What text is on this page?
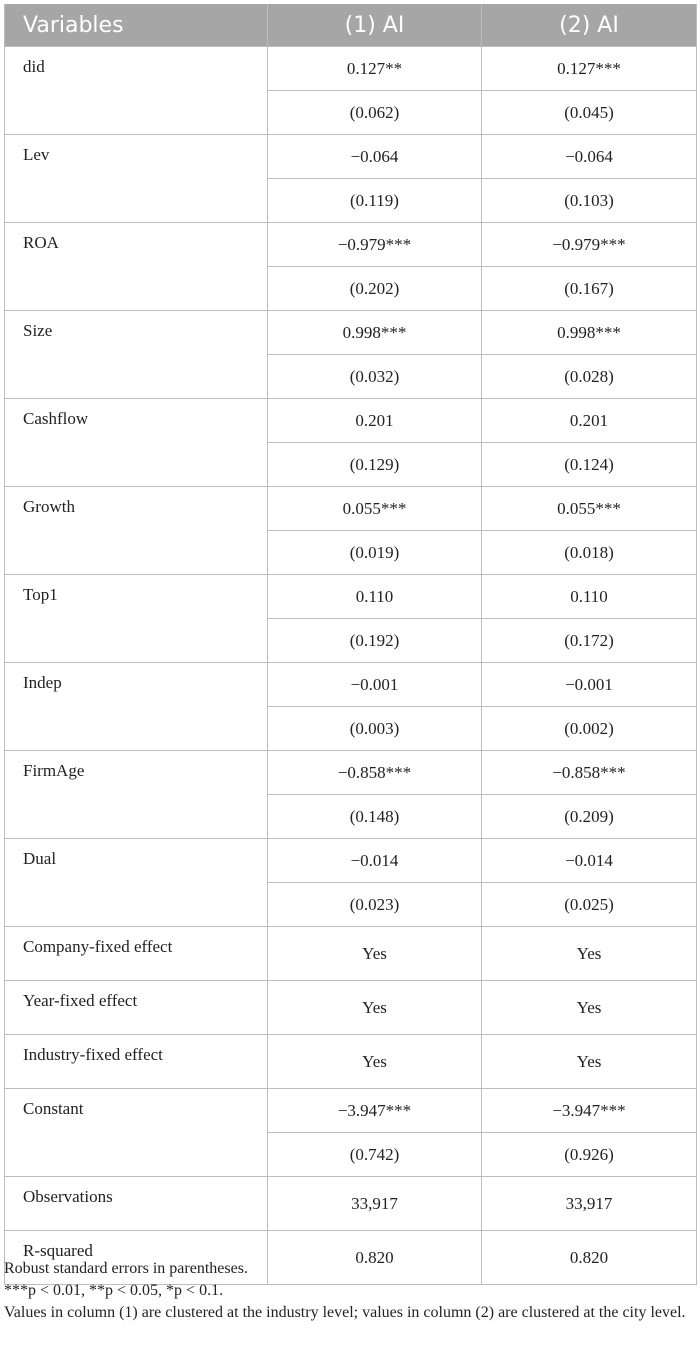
Variables	(1) AI	(2) AI
did	0.127**	0.127***
	(0.062)	(0.045)
Lev	−0.064	−0.064
	(0.119)	(0.103)
ROA	−0.979***	−0.979***
	(0.202)	(0.167)
Size	0.998***	0.998***
	(0.032)	(0.028)
Cashflow	0.201	0.201
	(0.129)	(0.124)
Growth	0.055***	0.055***
	(0.019)	(0.018)
Top1	0.110	0.110
	(0.192)	(0.172)
Indep	−0.001	−0.001
	(0.003)	(0.002)
FirmAge	−0.858***	−0.858***
	(0.148)	(0.209)
Dual	−0.014	−0.014
	(0.023)	(0.025)
Company-fixed effect	Yes	Yes
Year-fixed effect	Yes	Yes
Industry-fixed effect	Yes	Yes
Constant	−3.947***	−3.947***
	(0.742)	(0.926)
Observations	33,917	33,917
R-squared	0.820	0.820

Robust standard errors in parentheses.

***p < 0.01, **p < 0.05, *p < 0.1.

Values in column (1) are clustered at the industry level; values in column (2) are clustered at the city level.
